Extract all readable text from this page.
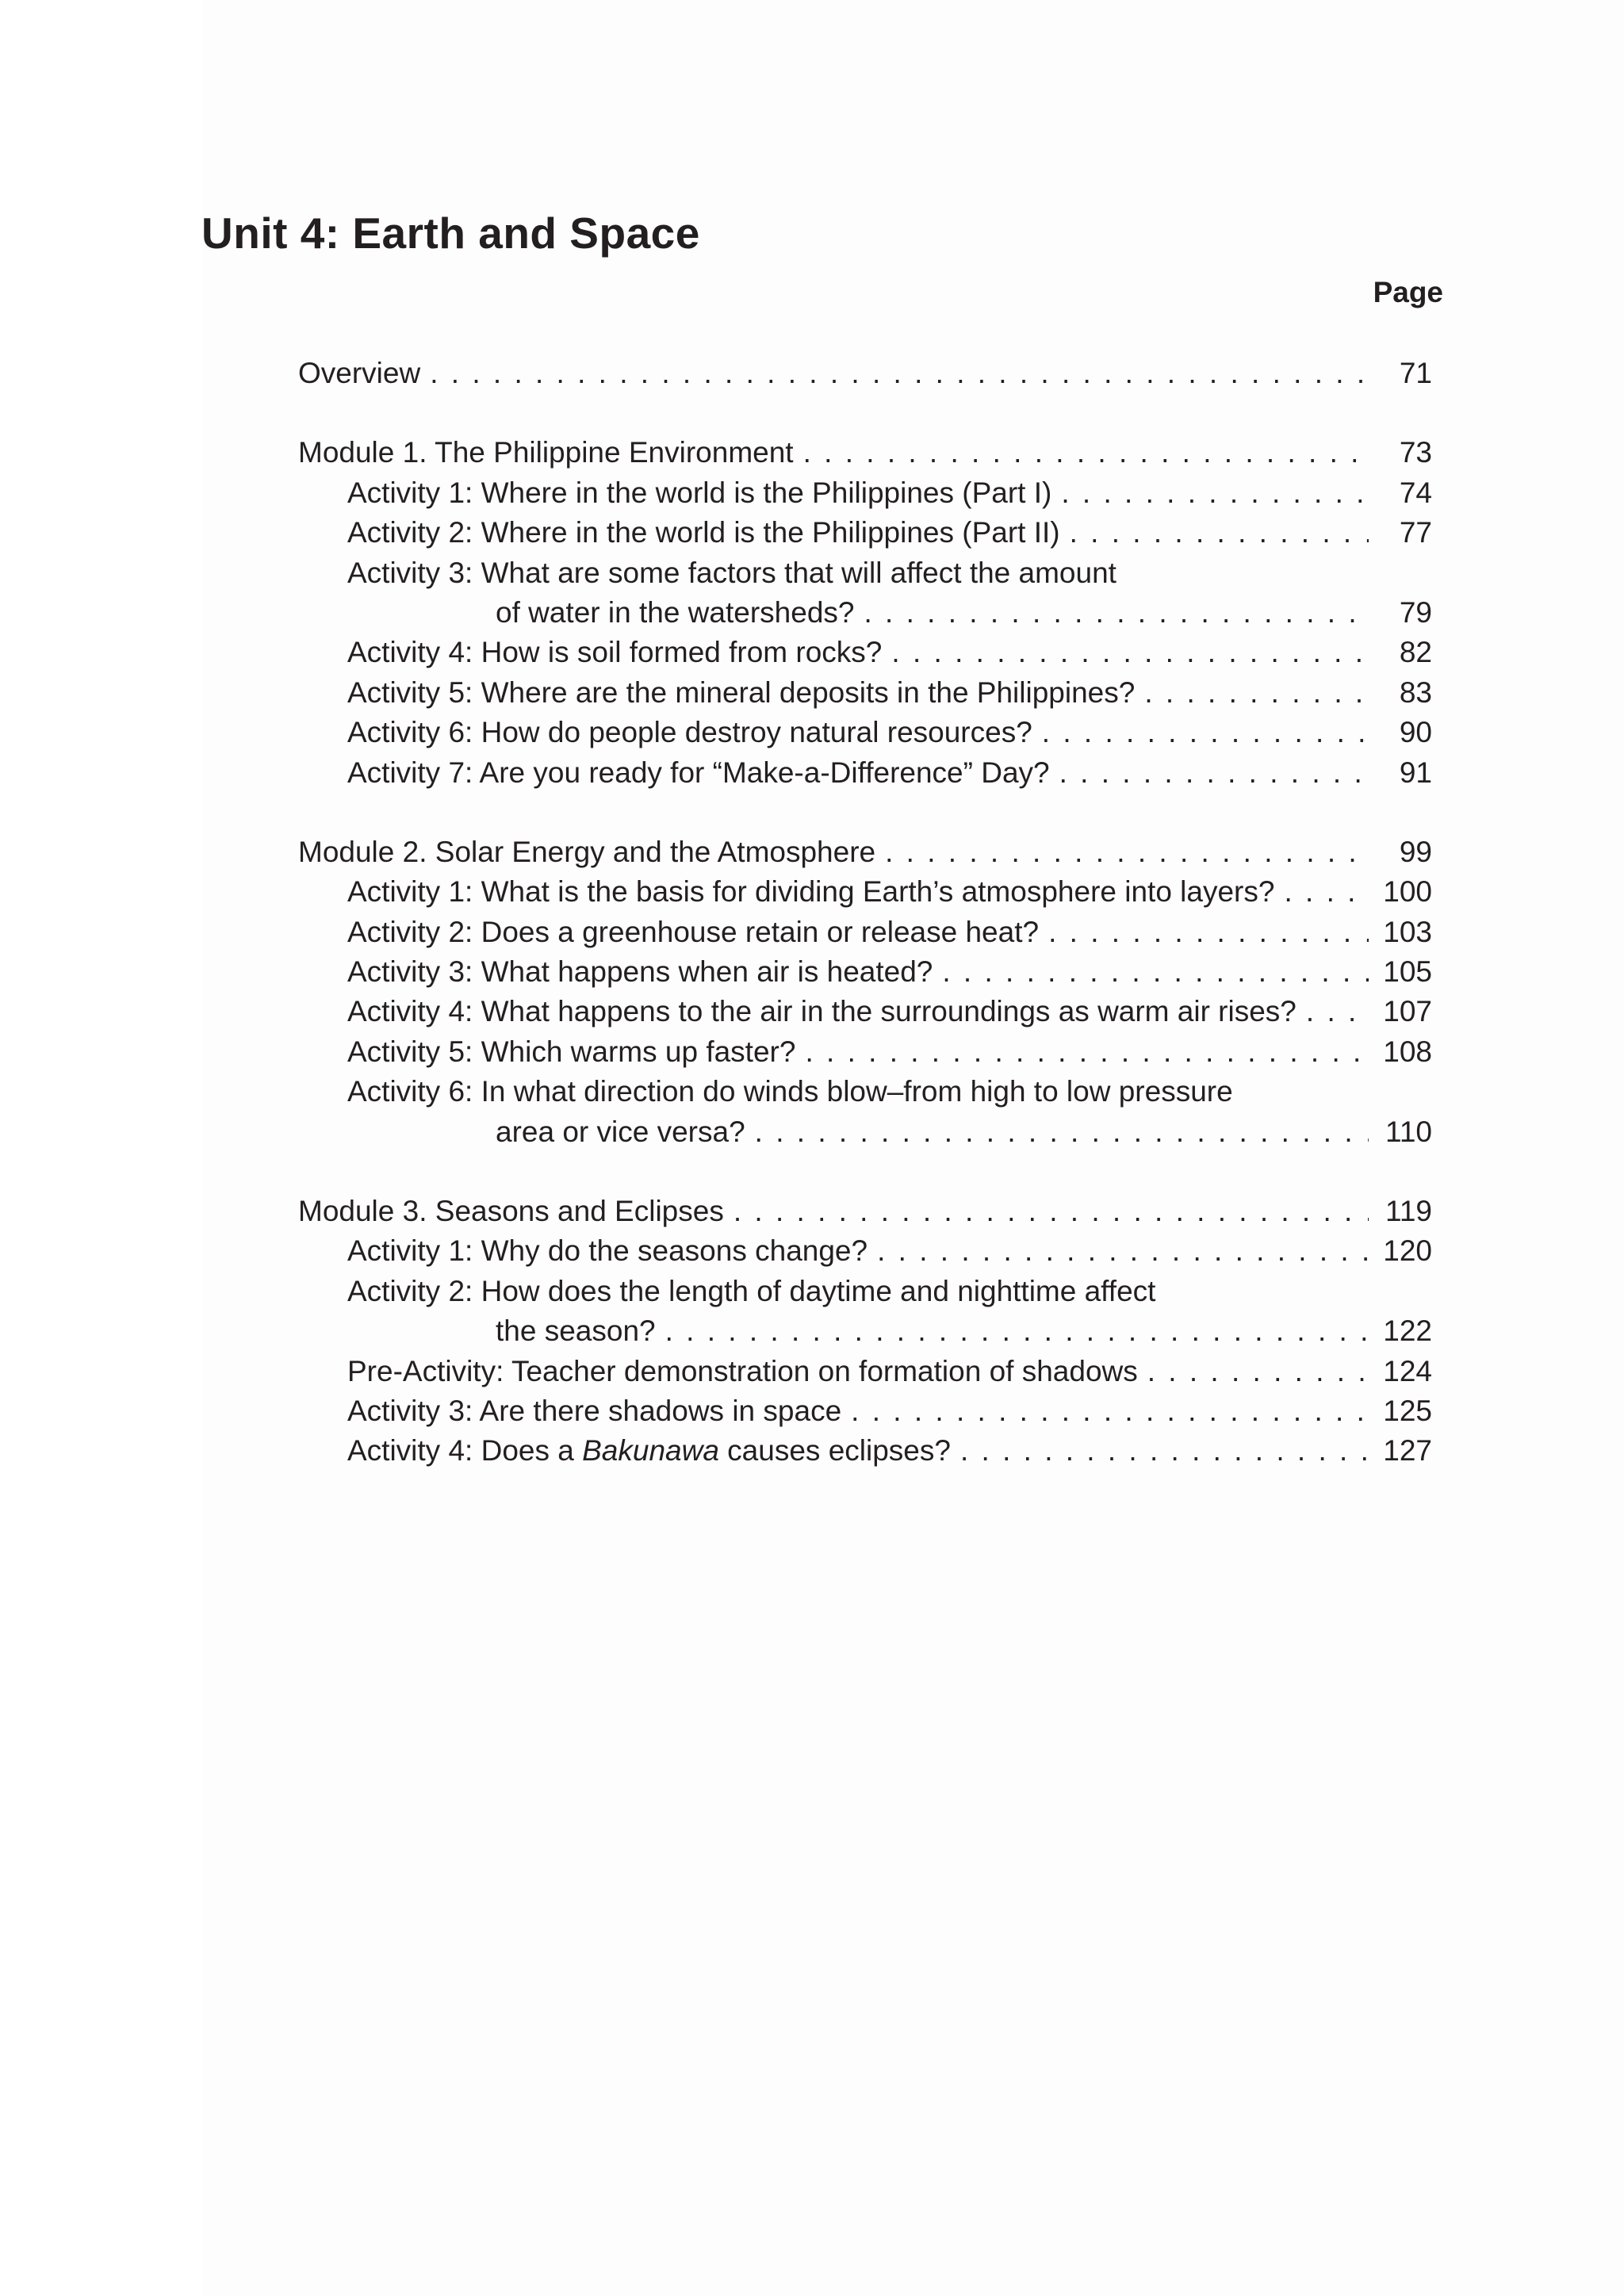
Unit 4: Earth and Space
Page
Overview . . .	71
Module 1. The Philippine Environment . . .	73
Activity 1: Where in the world is the Philippines (Part I) . . .	74
Activity 2: Where in the world is the Philippines (Part II) . . .	77
Activity 3: What are some factors that will affect the amount
of water in the watersheds? . . .	79
Activity 4: How is soil formed from rocks? . . .	82
Activity 5: Where are the mineral deposits in the Philippines? . . .	83
Activity 6: How do people destroy natural resources? . . .	90
Activity 7: Are you ready for “Make-a-Difference” Day? . . .	91
Module 2. Solar Energy and the Atmosphere . . .	99
Activity 1: What is the basis for dividing Earth’s atmosphere into layers? . . .	100
Activity 2: Does a greenhouse retain or release heat? . . .	103
Activity 3: What happens when air is heated? . . .	105
Activity 4: What happens to the air in the surroundings as warm air rises? . . .	107
Activity 5: Which warms up faster? . . .	108
Activity 6: In what direction do winds blow–from high to low pressure
area or vice versa? . . .	110
Module 3. Seasons and Eclipses . . .	119
Activity 1: Why do the seasons change? . . .	120
Activity 2: How does the length of daytime and nighttime affect
the season? . . .	122
Pre-Activity: Teacher demonstration on formation of shadows . . .	124
Activity 3: Are there shadows in space . . .	125
Activity 4: Does a Bakunawa causes eclipses? . . .	127
